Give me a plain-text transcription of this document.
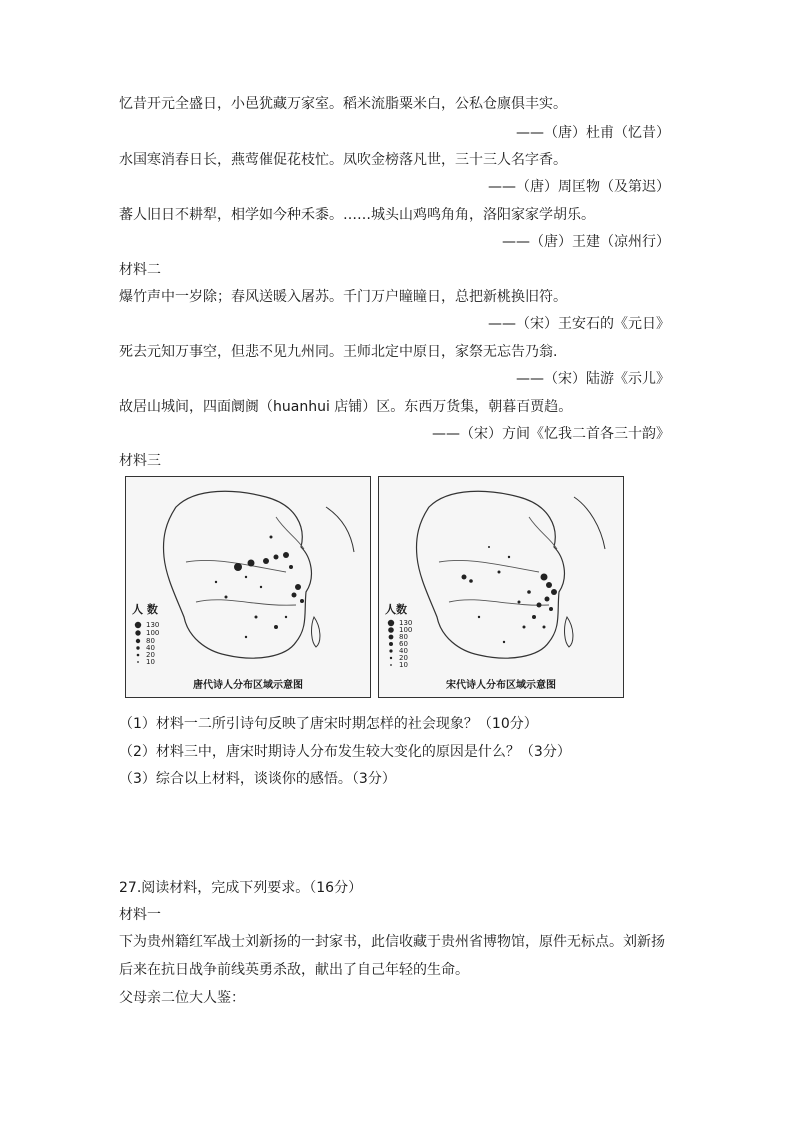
忆昔开元全盛日，小邑犹藏万家室。稻米流脂粟米白，公私仓廪俱丰实。
——（唐）杜甫（忆昔）
水国寒消春日长，燕莺催促花枝忙。凤吹金榜落凡世，三十三人名字香。
——（唐）周匡物（及第迟）
蕃人旧日不耕犁，相学如今种禾黍。……城头山鸡鸣角角，洛阳家家学胡乐。
——（唐）王建（凉州行）
材料二
爆竹声中一岁除；春风送暖入屠苏。千门万户瞳瞳日，总把新桃换旧符。
——（宋）王安石的《元日》
死去元知万事空，但悲不见九州同。王师北定中原日，家祭无忘告乃翁.
——（宋）陆游《示儿》
故居山城间，四面阛阓（huanhui 店铺）区。东西万货集，朝暮百贾趋。
——（宋）方间《忆我二首各三十韵》
材料三
人 数
130
100
80
40
20
10
唐代诗人分布区域示意图
人数
130
100
80
60
40
20
10
宋代诗人分布区域示意图
（1）材料一二所引诗句反映了唐宋时期怎样的社会现象？（10分）
（2）材料三中，唐宋时期诗人分布发生较大变化的原因是什么？（3分）
（3）综合以上材料，谈谈你的感悟。（3分）
27.阅读材料，完成下列要求。（16分）
材料一
下为贵州籍红军战士刘新扬的一封家书，此信收藏于贵州省博物馆，原件无标点。刘新扬
后来在抗日战争前线英勇杀敌，献出了自己年轻的生命。
父母亲二位大人鉴：
